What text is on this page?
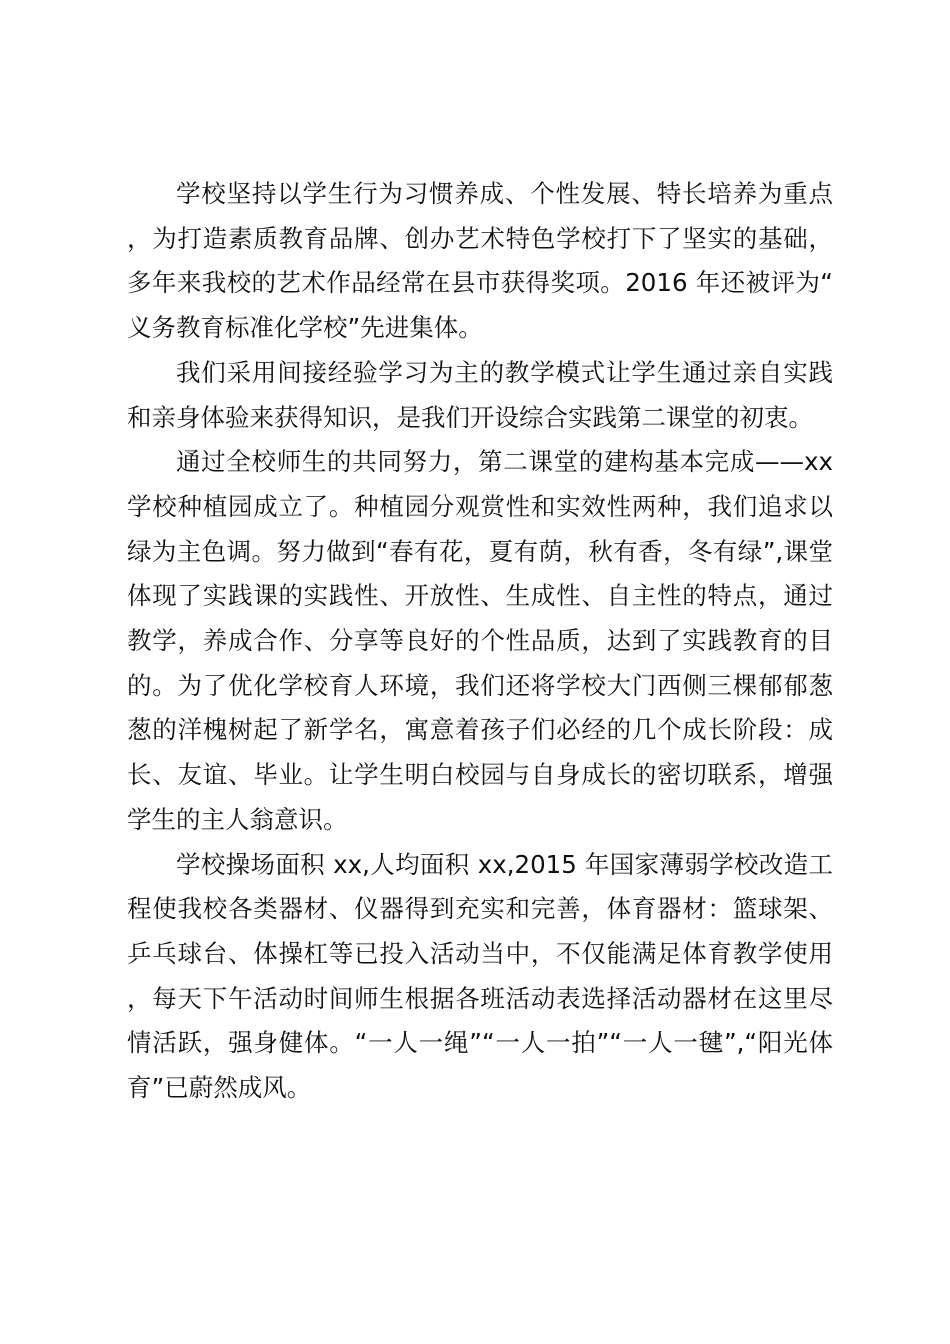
学校坚持以学生行为习惯养成、个性发展、特长培养为重点，为打造素质教育品牌、创办艺术特色学校打下了坚实的基础，多年来我校的艺术作品经常在县市获得奖项。2016 年还被评为“义务教育标准化学校”先进集体。

我们采用间接经验学习为主的教学模式让学生通过亲自实践和亲身体验来获得知识，是我们开设综合实践第二课堂的初衷。

通过全校师生的共同努力，第二课堂的建构基本完成——xx 学校种植园成立了。种植园分观赏性和实效性两种，我们追求以绿为主色调。努力做到“春有花，夏有荫，秋有香，冬有绿”,课堂体现了实践课的实践性、开放性、生成性、自主性的特点，通过教学，养成合作、分享等良好的个性品质，达到了实践教育的目的。为了优化学校育人环境，我们还将学校大门西侧三棵郁郁葱葱的洋槐树起了新学名，寓意着孩子们必经的几个成长阶段：成长、友谊、毕业。让学生明白校园与自身成长的密切联系，增强学生的主人翁意识。

学校操场面积 xx,人均面积 xx,2015 年国家薄弱学校改造工程使我校各类器材、仪器得到充实和完善，体育器材：篮球架、乒乓球台、体操杠等已投入活动当中，不仅能满足体育教学使用，每天下午活动时间师生根据各班活动表选择活动器材在这里尽情活跃，强身健体。“一人一绳”“一人一拍”“一人一毽”,“阳光体育”已蔚然成风。
